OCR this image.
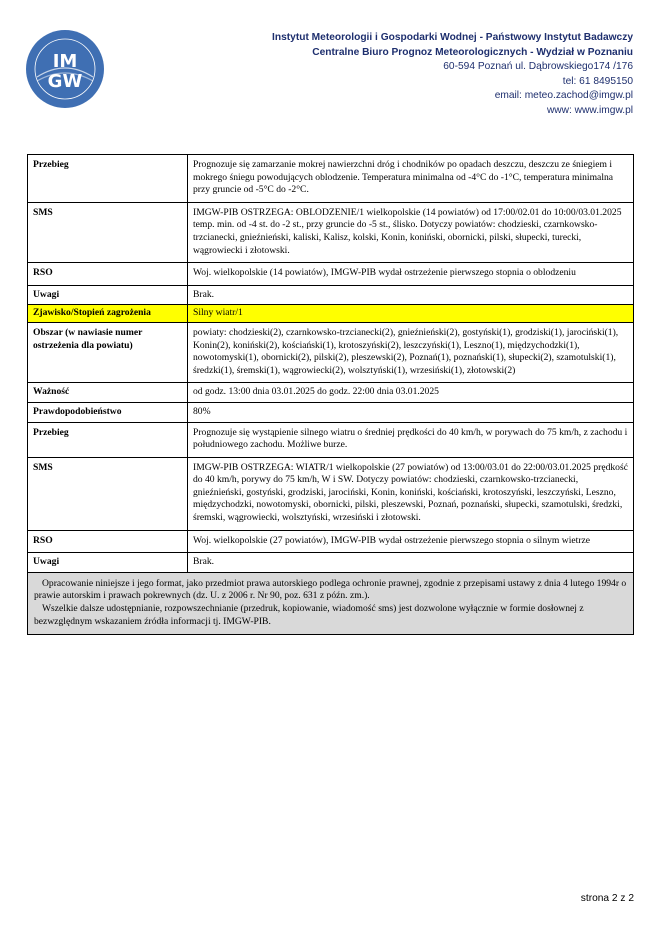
IM
GW
Instytut Meteorologii i Gospodarki Wodnej - Państwowy Instytut Badawczy
Centralne Biuro Prognoz Meteorologicznych - Wydział w Poznaniu
60-594 Poznań ul. Dąbrowskiego174 /176
tel: 61 8495150
email: meteo.zachod@imgw.pl
www: www.imgw.pl
Przebieg	Prognozuje się zamarzanie mokrej nawierzchni dróg i chodników po opadach deszczu, deszczu ze śniegiem i mokrego śniegu powodujących oblodzenie. Temperatura minimalna od -4°C do -1°C, temperatura minimalna przy gruncie od -5°C do -2°C.
SMS	IMGW-PIB OSTRZEGA: OBLODZENIE/1 wielkopolskie (14 powiatów) od 17:00/02.01 do 10:00/03.01.2025 temp. min. od -4 st. do -2 st., przy gruncie do -5 st., ślisko. Dotyczy powiatów: chodzieski, czarnkowsko-trzcianecki, gnieźnieński, kaliski, Kalisz, kolski, Konin, koniński, obornicki, pilski, słupecki, turecki, wągrowiecki i złotowski.
RSO	Woj. wielkopolskie (14 powiatów), IMGW-PIB wydał ostrzeżenie pierwszego stopnia o oblodzeniu
Uwagi	Brak.
Zjawisko/Stopień zagrożenia	Silny wiatr/1
Obszar (w nawiasie numer ostrzeżenia dla powiatu)	powiaty: chodzieski(2), czarnkowsko-trzcianecki(2), gnieźnieński(2), gostyński(1), grodziski(1), jarociński(1), Konin(2), koniński(2), kościański(1), krotoszyński(2), leszczyński(1), Leszno(1), międzychodzki(1), nowotomyski(1), obornicki(2), pilski(2), pleszewski(2), Poznań(1), poznański(1), słupecki(2), szamotulski(1), średzki(1), śremski(1), wągrowiecki(2), wolsztyński(1), wrzesiński(1), złotowski(2)
Ważność	od godz. 13:00 dnia 03.01.2025 do godz. 22:00 dnia 03.01.2025
Prawdopodobieństwo	80%
Przebieg	Prognozuje się wystąpienie silnego wiatru o średniej prędkości do 40 km/h, w porywach do 75 km/h, z zachodu i południowego zachodu. Możliwe burze.
SMS	IMGW-PIB OSTRZEGA: WIATR/1 wielkopolskie (27 powiatów) od 13:00/03.01 do 22:00/03.01.2025 prędkość do 40 km/h, porywy do 75 km/h, W i SW. Dotyczy powiatów: chodzieski, czarnkowsko-trzcianecki, gnieźnieński, gostyński, grodziski, jarociński, Konin, koniński, kościański, krotoszyński, leszczyński, Leszno, międzychodzki, nowotomyski, obornicki, pilski, pleszewski, Poznań, poznański, słupecki, szamotulski, średzki, śremski, wągrowiecki, wolsztyński, wrzesiński i złotowski.
RSO	Woj. wielkopolskie (27 powiatów), IMGW-PIB wydał ostrzeżenie pierwszego stopnia o silnym wietrze
Uwagi	Brak.

Opracowanie niniejsze i jego format, jako przedmiot prawa autorskiego podlega ochronie prawnej, zgodnie z przepisami ustawy z dnia 4 lutego 1994r o prawie autorskim i prawach pokrewnych (dz. U. z 2006 r. Nr 90, poz. 631 z późn. zm.).

Wszelkie dalsze udostępnianie, rozpowszechnianie (przedruk, kopiowanie, wiadomość sms) jest dozwolone wyłącznie w formie dosłownej z bezwzględnym wskazaniem źródła informacji tj. IMGW-PIB.	

strona 2 z 2
